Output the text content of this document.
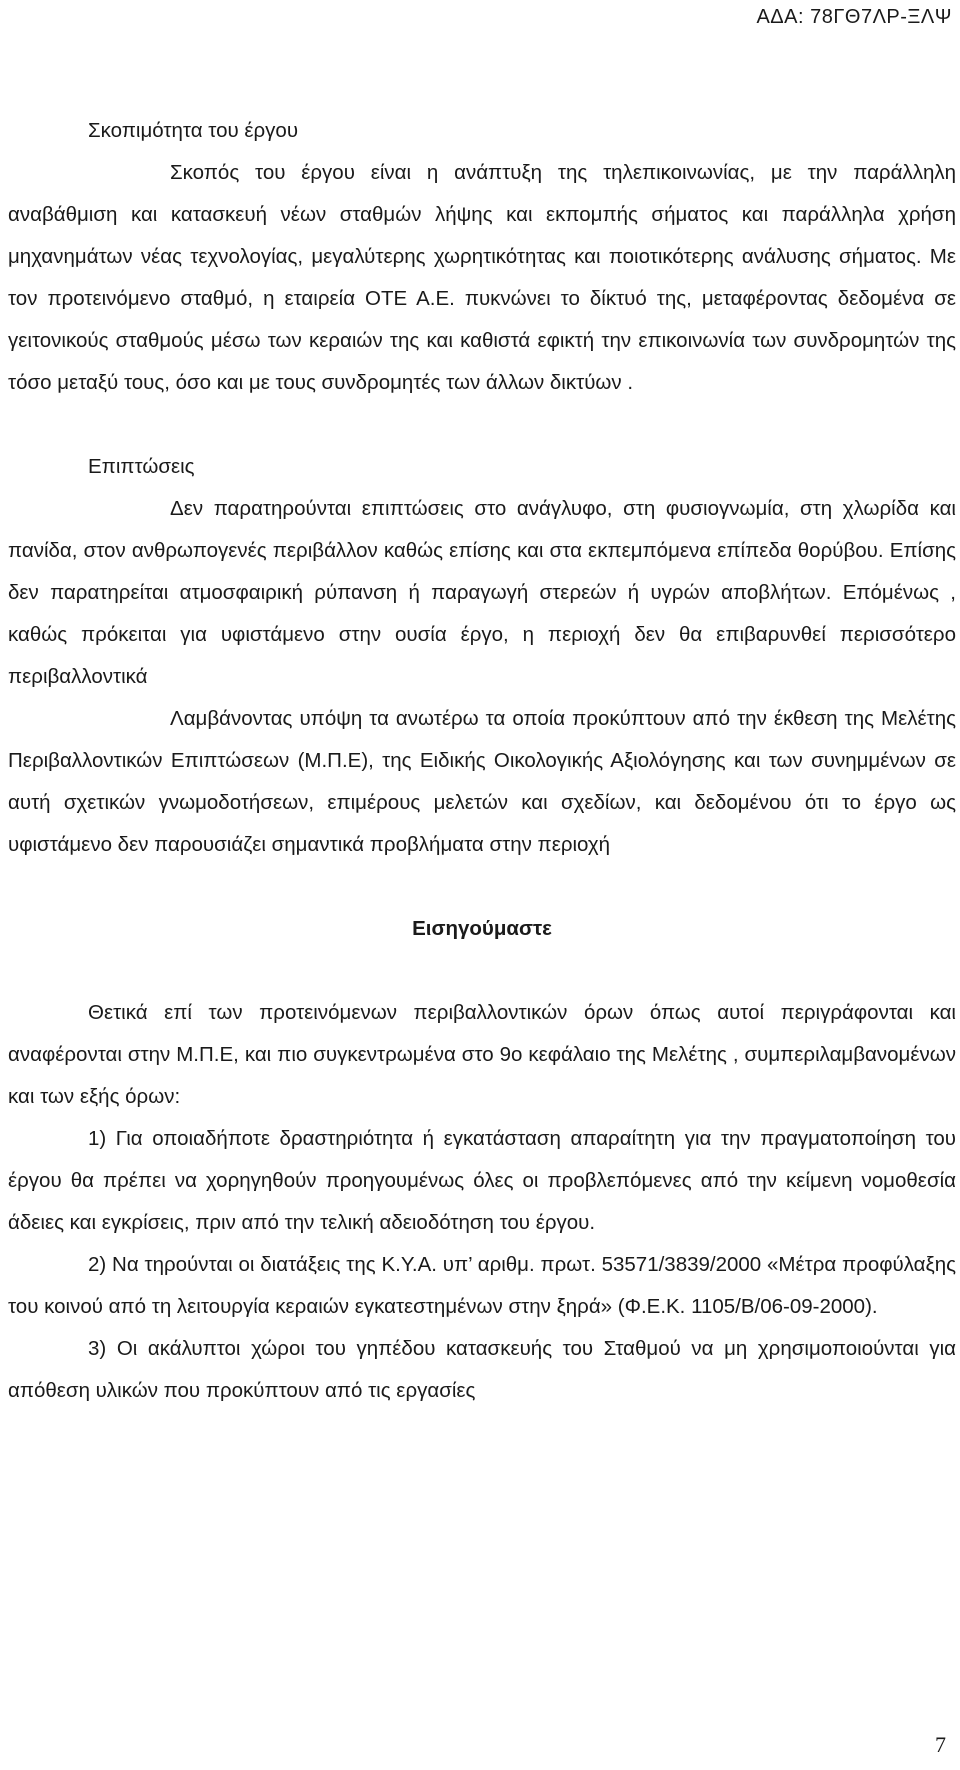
ΑΔΑ: 78ΓΘ7ΛΡ-ΞΛΨ

Σκοπιμότητα του έργου

Σκοπός του έργου είναι η ανάπτυξη της τηλεπικοινωνίας, με την παράλληλη αναβάθμιση και κατασκευή νέων σταθμών λήψης και εκπομπής σήματος και παράλληλα χρήση μηχανημάτων νέας τεχνολογίας, μεγαλύτερης χωρητικότητας και ποιοτικότερης ανάλυσης σήματος. Με τον προτεινόμενο σταθμό, η εταιρεία ΟΤΕ Α.Ε. πυκνώνει το δίκτυό της, μεταφέροντας δεδομένα σε γειτονικούς σταθμούς μέσω των κεραιών της και καθιστά εφικτή την επικοινωνία των συνδρομητών της τόσο μεταξύ τους, όσο και με τους συνδρομητές των άλλων δικτύων .

Επιπτώσεις

Δεν παρατηρούνται επιπτώσεις στο ανάγλυφο, στη φυσιογνωμία, στη χλωρίδα και πανίδα, στον ανθρωπογενές περιβάλλον καθώς επίσης και στα εκπεμπόμενα επίπεδα θορύβου. Επίσης δεν παρατηρείται ατμοσφαιρική ρύπανση ή παραγωγή στερεών ή υγρών αποβλήτων. Επόμένως , καθώς πρόκειται για υφιστάμενο στην ουσία έργο, η περιοχή δεν θα επιβαρυνθεί περισσότερο περιβαλλοντικά

Λαμβάνοντας υπόψη τα ανωτέρω τα οποία προκύπτουν από την έκθεση της Μελέτης Περιβαλλοντικών Επιπτώσεων (Μ.Π.Ε), της Ειδικής Οικολογικής Αξιολόγησης και των συνημμένων σε αυτή σχετικών γνωμοδοτήσεων, επιμέρους μελετών και σχεδίων, και δεδομένου ότι το έργο ως υφιστάμενο δεν παρουσιάζει σημαντικά προβλήματα στην περιοχή

Εισηγούμαστε

Θετικά επί των προτεινόμενων περιβαλλοντικών όρων όπως αυτοί περιγράφονται και αναφέρονται στην Μ.Π.Ε, και πιο συγκεντρωμένα στο 9ο κεφάλαιο της Μελέτης , συμπεριλαμβανομένων και των εξής όρων:

1) Για οποιαδήποτε δραστηριότητα ή εγκατάσταση απαραίτητη για την πραγματοποίηση του έργου θα πρέπει να χορηγηθούν προηγουμένως όλες οι προβλεπόμενες από την κείμενη νομοθεσία άδειες και εγκρίσεις, πριν από την τελική αδειοδότηση του έργου.

2) Να τηρούνται οι διατάξεις της Κ.Υ.Α. υπ’ αριθμ. πρωτ. 53571/3839/2000 «Μέτρα προφύλαξης του κοινού από τη λειτουργία κεραιών εγκατεστημένων στην ξηρά» (Φ.Ε.Κ. 1105/Β/06-09-2000).

3) Οι ακάλυπτοι χώροι του γηπέδου κατασκευής του Σταθμού να μη χρησιμοποιούνται για απόθεση υλικών που προκύπτουν από τις εργασίες

7
